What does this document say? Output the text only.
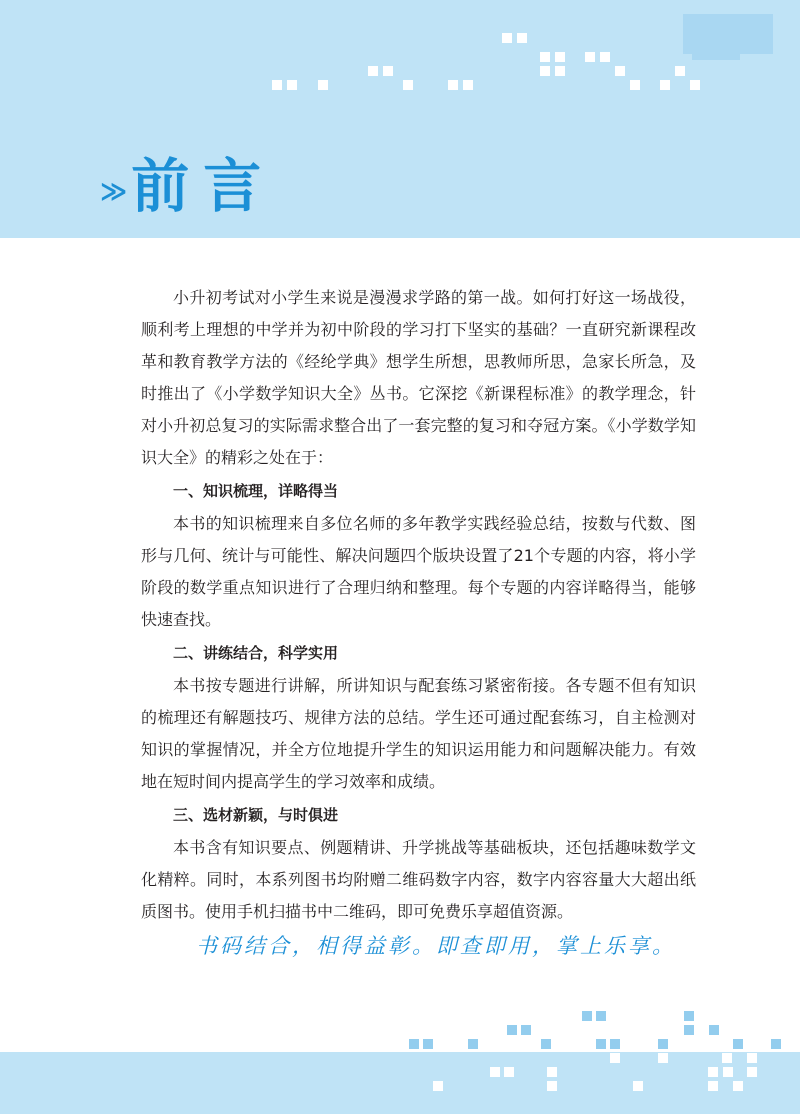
≫ 前言

小升初考试对小学生来说是漫漫求学路的第一战。如何打好这一场战役，顺利考上理想的中学并为初中阶段的学习打下坚实的基础？一直研究新课程改革和教育教学方法的《经纶学典》想学生所想，思教师所思，急家长所急，及时推出了《小学数学知识大全》丛书。它深挖《新课程标准》的教学理念，针对小升初总复习的实际需求整合出了一套完整的复习和夺冠方案。《小学数学知识大全》的精彩之处在于：

一、知识梳理，详略得当

本书的知识梳理来自多位名师的多年教学实践经验总结，按数与代数、图形与几何、统计与可能性、解决问题四个版块设置了21个专题的内容，将小学阶段的数学重点知识进行了合理归纳和整理。每个专题的内容详略得当，能够快速查找。

二、讲练结合，科学实用

本书按专题进行讲解，所讲知识与配套练习紧密衔接。各专题不但有知识的梳理还有解题技巧、规律方法的总结。学生还可通过配套练习，自主检测对知识的掌握情况，并全方位地提升学生的知识运用能力和问题解决能力。有效地在短时间内提高学生的学习效率和成绩。

三、选材新颖，与时俱进

本书含有知识要点、例题精讲、升学挑战等基础板块，还包括趣味数学文化精粹。同时，本系列图书均附赠二维码数字内容，数字内容容量大大超出纸质图书。使用手机扫描书中二维码，即可免费乐享超值资源。

书码结合，相得益彰。即查即用，掌上乐享。
